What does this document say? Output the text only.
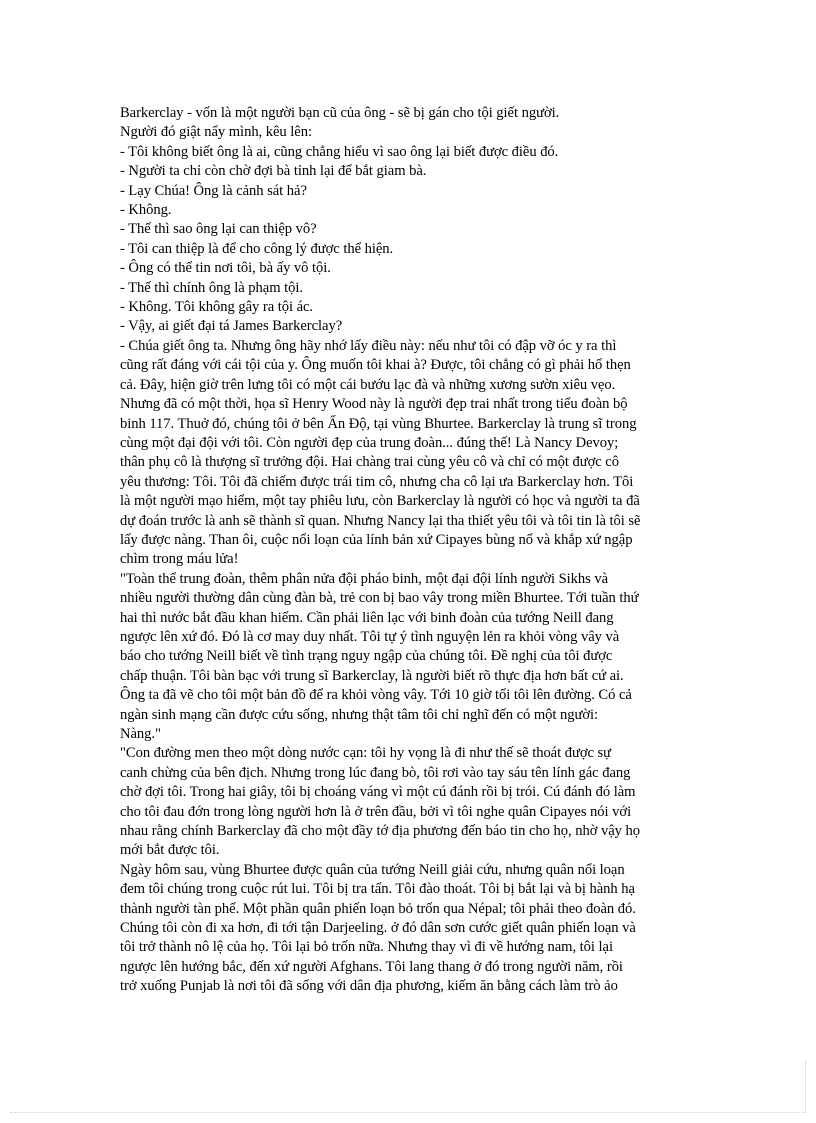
Barkerclay - vốn là một người bạn cũ của ông - sẽ bị gán cho tội giết người.
Người đó giật nẩy mình, kêu lên:
- Tôi không biết ông là ai, cũng chẳng hiểu vì sao ông lại biết được điều đó.
- Người ta chỉ còn chờ đợi bà tỉnh lại để bắt giam bà.
- Lạy Chúa! Ông là cảnh sát hả?
- Không.
- Thế thì sao ông lại can thiệp vô?
- Tôi can thiệp là để cho công lý được thể hiện.
- Ông có thể tin nơi tôi, bà ấy vô tội.
- Thế thì chính ông là phạm tội.
- Không. Tôi không gây ra tội ác.
- Vậy, ai giết đại tá James Barkerclay?
- Chúa giết ông ta. Nhưng ông hãy nhớ lấy điều này: nếu như tôi có đập vỡ óc y ra thì
cũng rất đáng với cái tội của y. Ông muốn tôi khai à? Được, tôi chẳng có gì phải hổ thẹn
cả. Đây, hiện giờ trên lưng tôi có một cái bướu lạc đà và những xương sườn xiêu vẹo.
Nhưng đã có một thời, họa sĩ Henry Wood này là người đẹp trai nhất trong tiểu đoàn bộ
binh 117. Thuở đó, chúng tôi ở bên Ấn Độ, tại vùng Bhurtee. Barkerclay là trung sĩ trong
cùng một đại đội với tôi. Còn người đẹp của trung đoàn... đúng thế! Là Nancy Devoy;
thân phụ cô là thượng sĩ trưởng đội. Hai chàng trai cùng yêu cô và chỉ có một được cô
yêu thương: Tôi. Tôi đã chiếm được trái tim cô, nhưng cha cô lại ưa Barkerclay hơn. Tôi
là một người mạo hiểm, một tay phiêu lưu, còn Barkerclay là người có học và người ta đã
dự đoán trước là anh sẽ thành sĩ quan. Nhưng Nancy lại tha thiết yêu tôi và tôi tin là tôi sẽ
lấy được nàng. Than ôi, cuộc nổi loạn của lính bản xứ Cipayes bùng nổ và khắp xứ ngập
chìm trong máu lửa!
"Toàn thể trung đoàn, thêm phân nửa đội pháo binh, một đại đội lính người Sikhs và
nhiều người thường dân cùng đàn bà, trẻ con bị bao vây trong miền Bhurtee. Tới tuần thứ
hai thì nước bắt đầu khan hiếm. Cần phải liên lạc với binh đoàn của tướng Neill đang
ngược lên xứ đó. Đó là cơ may duy nhất. Tôi tự ý tình nguyện lẻn ra khỏi vòng vây và
báo cho tướng Neill biết về tình trạng nguy ngập của chúng tôi. Đề nghị của tôi được
chấp thuận. Tôi bàn bạc với trung sĩ Barkerclay, là người biết rõ thực địa hơn bất cứ ai.
Ông ta đã vẽ cho tôi một bản đồ để ra khỏi vòng vây. Tới 10 giờ tối tôi lên đường. Có cả
ngàn sinh mạng cần được cứu sống, nhưng thật tâm tôi chỉ nghĩ đến có một người:
Nàng."
"Con đường men theo một dòng nước cạn: tôi hy vọng là đi như thế sẽ thoát được sự
canh chừng của bên địch. Nhưng trong lúc đang bò, tôi rơi vào tay sáu tên lính gác đang
chờ đợi tôi. Trong hai giây, tôi bị choáng váng vì một cú đánh rồi bị trói. Cú đánh đó làm
cho tôi đau đớn trong lòng người hơn là ở trên đầu, bởi vì tôi nghe quân Cipayes nói với
nhau rằng chính Barkerclay đã cho một đầy tớ địa phương đến báo tin cho họ, nhờ vậy họ
mới bắt được tôi.
Ngày hôm sau, vùng Bhurtee được quân của tướng Neill giải cứu, nhưng quân nổi loạn
đem tôi chúng trong cuộc rút lui. Tôi bị tra tấn. Tôi đào thoát. Tôi bị bắt lại và bị hành hạ
thành người tàn phế. Một phần quân phiến loạn bỏ trốn qua Népal; tôi phải theo đoàn đó.
Chúng tôi còn đi xa hơn, đi tới tận Darjeeling. ở đó dân sơn cước giết quân phiến loạn và
tôi trở thành nô lệ của họ. Tôi lại bỏ trốn nữa. Nhưng thay vì đi về hướng nam, tôi lại
ngược lên hướng bắc, đến xứ người Afghans. Tôi lang thang ở đó trong người năm, rồi
trở xuống Punjab là nơi tôi đã sống với dân địa phương, kiếm ăn bằng cách làm trò ảo
